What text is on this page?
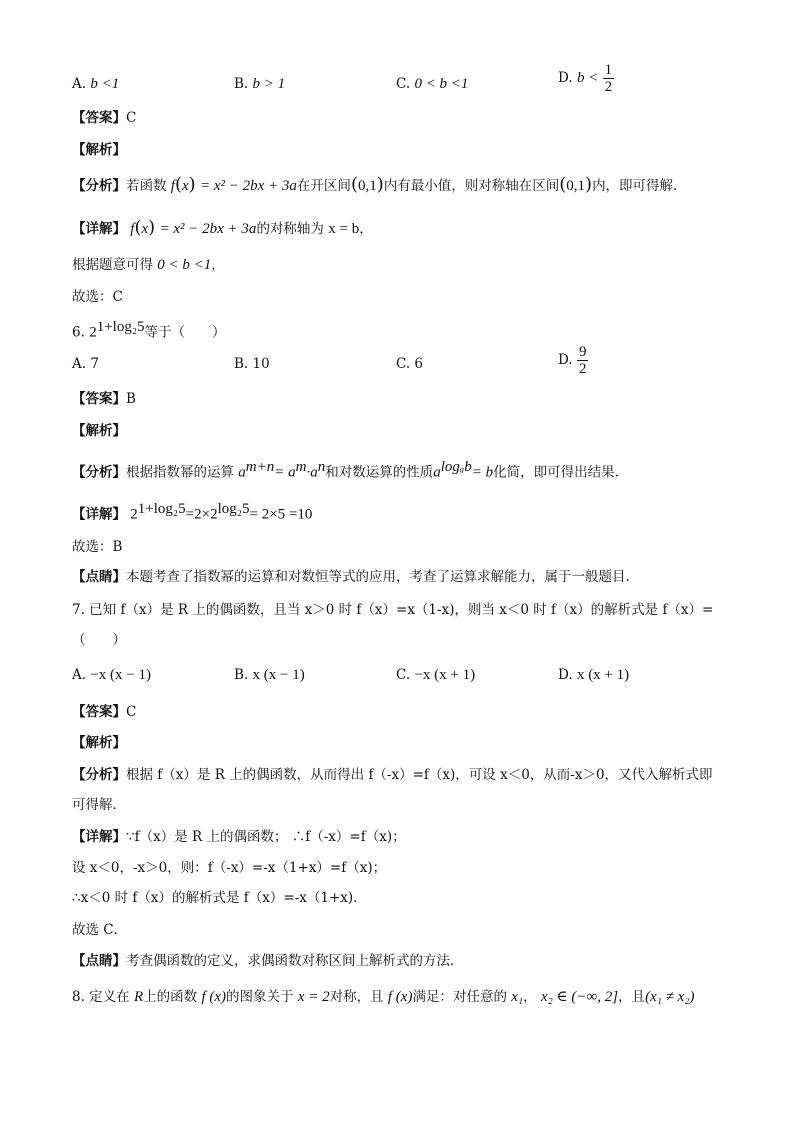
A. b <1	B. b > 1	C. 0 < b <1	D. $b < \frac{1}{2}$
【答案】C
【解析】
【分析】若函数 f(x) = x² − 2bx + 3a在开区间(0,1)内有最小值，则对称轴在区间(0,1)内，即可得解.
【详解】 f(x) = x² − 2bx + 3a的对称轴为 x = b，
根据题意可得 0 < b <1，
故选：C
6. $2^{1+log_25}$等于（　　）
A. 7	B. 10	C. 6	D. $\frac{9}{2}$
【答案】B
【解析】
【分析】根据指数幂的运算 $a^{m+n}= a^m\cdot a^n$和对数运算的性质$a^{log_ab}= b$化简，即可得出结果.
【详解】 $2^{1+log_25}=2\times 2^{log_25}= 2\times 5 =10$
故选：B
【点睛】本题考查了指数幂的运算和对数恒等式的应用，考查了运算求解能力，属于一般题目.
7. 已知 f（x）是 R 上的偶函数，且当 x＞0 时 f（x）=x（1-x)，则当 x＜0 时 f（x）的解析式是 f（x）=
（　　）
A. −x (x − 1)	B. x (x − 1)	C. −x (x + 1)	D. x (x + 1)
【答案】C
【解析】
【分析】根据 f（x）是 R 上的偶函数，从而得出 f（-x）=f（x)，可设 x＜0，从而-x＞0，又代入解析式即
可得解．
【详解】∵f（x）是 R 上的偶函数； ∴f（-x）=f（x)；
设 x＜0，-x＞0，则：f（-x）=-x（1+x）=f（x)；
∴x＜0 时 f（x）的解析式是 f（x）=-x（1+x)．
故选 C．
【点睛】考查偶函数的定义，求偶函数对称区间上解析式的方法．
8. 定义在 R上的函数 f (x)的图象关于 x = 2对称，且 f (x)满足：对任意的 x₁， x₂ ∈ (−∞, 2]，且(x₁ ≠ x₂)
